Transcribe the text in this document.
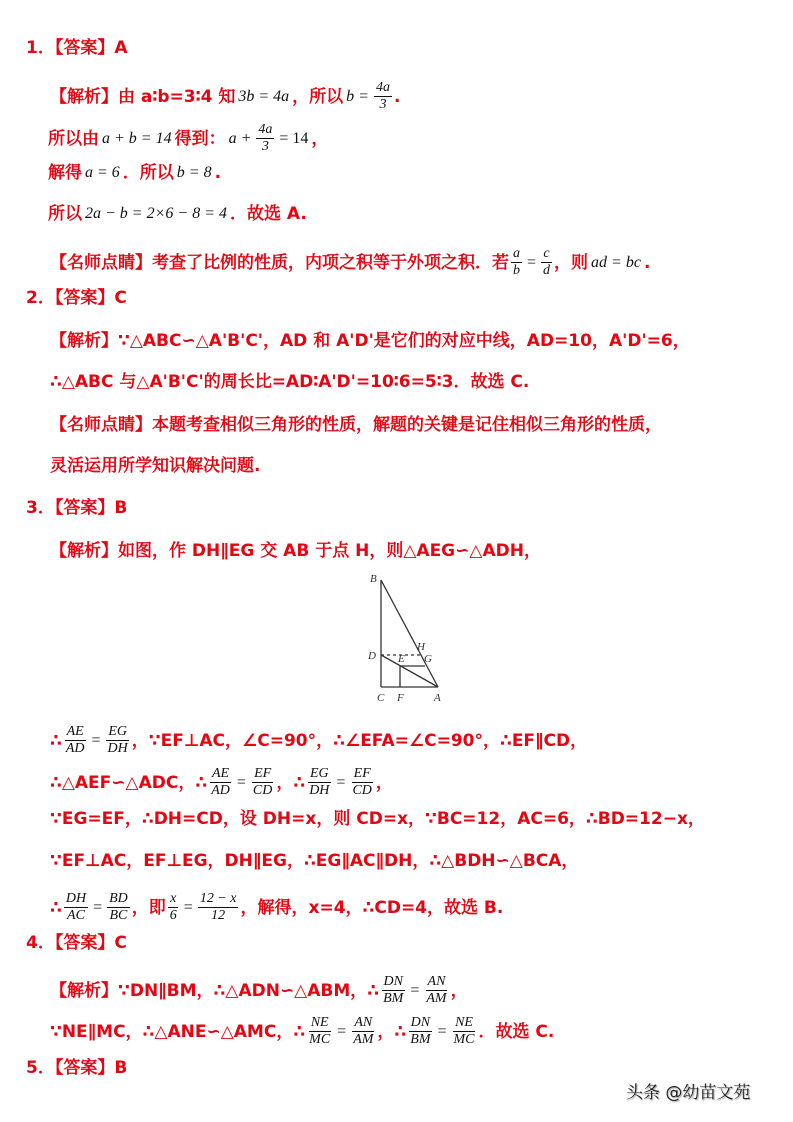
1．【答案】A
【解析】 由 a∶b=3∶4 知 3b = 4a ，所以 $b = \frac{4a}{3}$ .
所以由 a + b = 14 得到： $a + \frac{4a}{3} = 14$ ，
解得 a = 6 ．所以 b = 8 .
所以 2a − b = 2×6 − 8 = 4 ．故选 A.
【名师点睛】 考查了比例的性质，内项之积等于外项之积．若 $\frac{a}{b} = \frac{c}{d}$ ，则 ad = bc .
2．【答案】C
【解析】 ∵△ABC∽△A'B'C'，AD 和 A'D'是它们的对应中线，AD=10，A'D'=6，
∴△ABC 与△A'B'C'的周长比=AD∶A'D'=10∶6=5∶3．故选 C.
【名师点睛】 本题考查相似三角形的性质，解题的关键是记住相似三角形的性质，
灵活运用所学知识解决问题.
3．【答案】B
【解析】 如图，作 DH∥EG 交 AB 于点 H，则△AEG∽△ADH，
B
D
H
E G
C F	A
∴ $\frac{AE}{AD} = \frac{EG}{DH}$ ，∵EF⊥AC，∠C=90°，∴∠EFA=∠C=90°，∴EF∥CD，
∴△AEF∽△ADC，∴ $\frac{AE}{AD} = \frac{EF}{CD}$ ，∴ $\frac{EG}{DH} = \frac{EF}{CD}$ ，
∵EG=EF，∴DH=CD，设 DH=x，则 CD=x，∵BC=12，AC=6，∴BD=12−x，
∵EF⊥AC，EF⊥EG，DH∥EG，∴EG∥AC∥DH，∴△BDH∽△BCA，
∴ $\frac{DH}{AC} = \frac{BD}{BC}$ ，即 $\frac{x}{6} = \frac{12 - x}{12}$ ，解得，x=4，∴CD=4，故选 B.
4．【答案】C
【解析】 ∵DN∥BM，∴△ADN∽△ABM，∴ $\frac{DN}{BM} = \frac{AN}{AM}$ ，
∵NE∥MC，∴△ANE∽△AMC，∴ $\frac{NE}{MC} = \frac{AN}{AM}$ ，∴ $\frac{DN}{BM} = \frac{NE}{MC}$ ．故选 C.
5．【答案】B
头条 @幼苗文苑
